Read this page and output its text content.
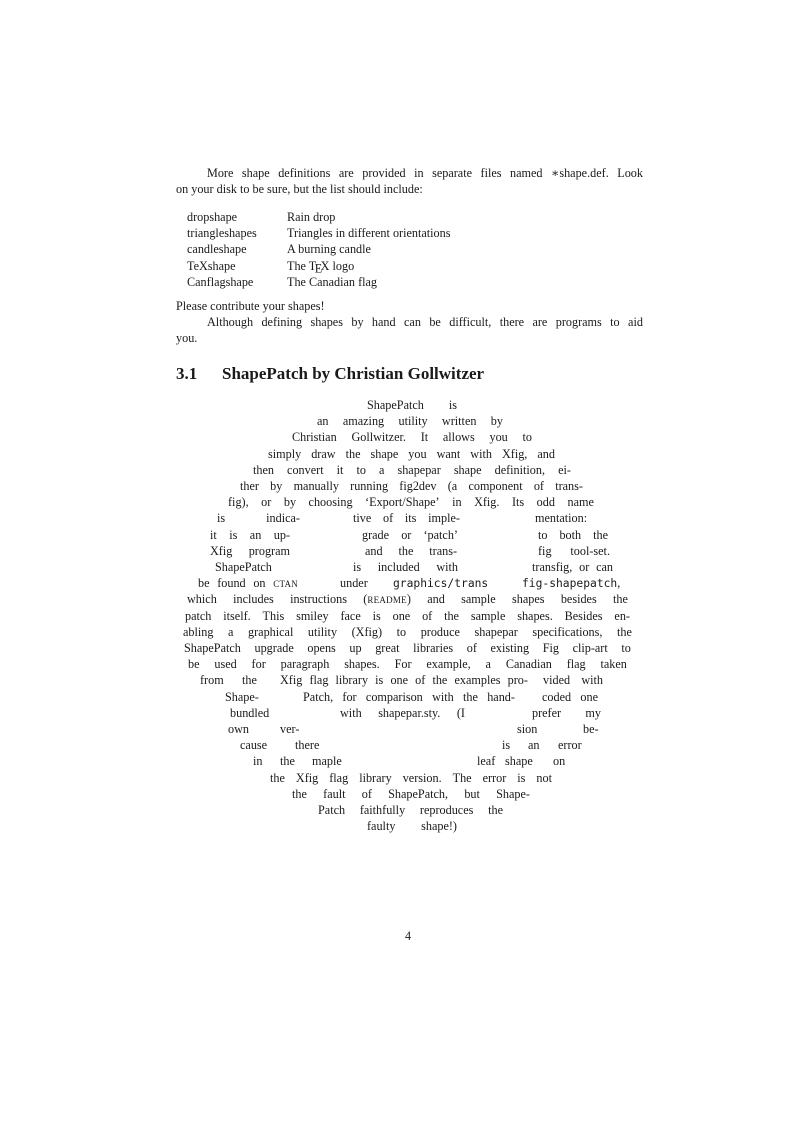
More shape definitions are provided in separate files named ∗shape.def. Look
on your disk to be sure, but the list should include:
dropshape	Rain drop
triangleshapes Triangles in different orientations
candleshape	A burning candle
TeXshape	The TEX logo
Canflagshape	The Canadian flag
Please contribute your shapes!
Although defining shapes by hand can be difficult, there are programs to aid
you.
3.1 ShapePatch by Christian Gollwitzer
ShapePatch is
an amazing utility written by
Christian Gollwitzer. It allows you to
simply draw the shape you want with Xfig, and
then convert it to a shapepar shape definition, ei-
ther by manually running fig2dev (a component of trans-
fig), or by choosing ‘Export/Shape’ in Xfig. Its odd name
is	indica-	tive of its imple-	mentation:
it is an up-	grade or ‘patch’	to both the
Xfig program	and the trans-	fig tool-set.
ShapePatch	is included with	transfig, or can
be found on ctan	under graphics/trans	fig-shapepatch,
which includes instructions (readme) and sample shapes besides the
patch itself. This smiley face is one of the sample shapes. Besides en-
abling a graphical utility (Xfig) to produce shapepar specifications, the
ShapePatch upgrade opens up great libraries of existing Fig clip-art to
be used for paragraph shapes. For example, a Canadian flag taken
from the Xfig flag library is one of the examples pro- vided with
Shape-	Patch, for comparison with the hand- coded one
bundled	with shapepar.sty. (I	prefer my
own	ver-	sion	be-
cause there	is an error
in the maple	leaf shape on
the Xfig flag library version. The error is not
the fault of ShapePatch, but Shape-
Patch faithfully reproduces the
faulty shape!)
4
